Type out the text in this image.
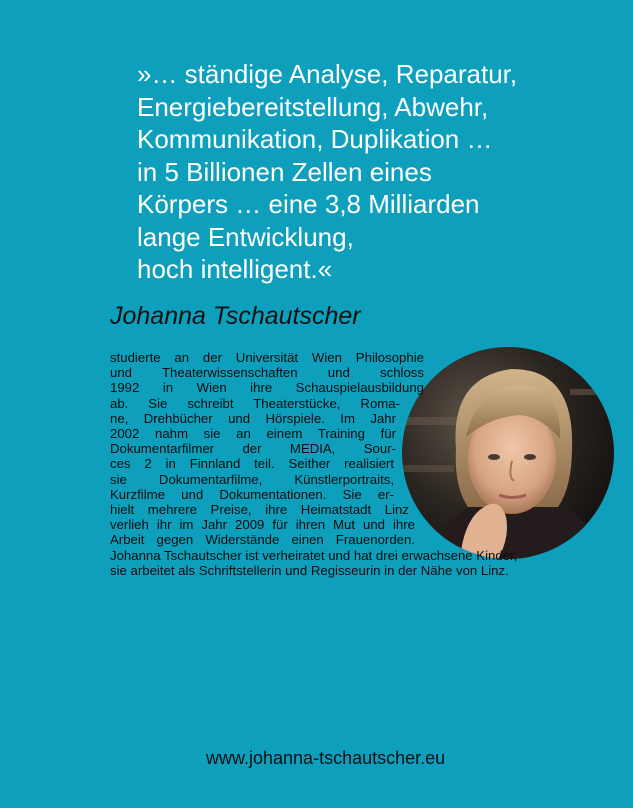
»… ständige Analyse, Reparatur,
Energiebereitstellung, Abwehr,
Kommunikation, Duplikation …
in 5 Billionen Zellen eines
Körpers … eine 3,8 Milliarden
lange Entwicklung,
hoch intelligent.«
Johanna Tschautscher
studierte an der Universität Wien Philosophie
und Theaterwissenschaften und schloss
1992 in Wien ihre Schauspielausbildung
ab. Sie schreibt Theaterstücke, Roma-
ne, Drehbücher und Hörspiele. Im Jahr
2002 nahm sie an einem Training für
Dokumentarfilmer der MEDIA, Sour-
ces 2 in Finnland teil. Seither realisiert
sie Dokumentarfilme, Künstlerportraits,
Kurzfilme und Dokumentationen. Sie er-
hielt mehrere Preise, ihre Heimatstadt Linz
verlieh ihr im Jahr 2009 für ihren Mut und ihre
Arbeit gegen Widerstände einen Frauenorden.
Johanna Tschautscher ist verheiratet und hat drei erwachsene Kinder,
sie arbeitet als Schriftstellerin und Regisseurin in der Nähe von Linz.
www.johanna-tschautscher.eu
